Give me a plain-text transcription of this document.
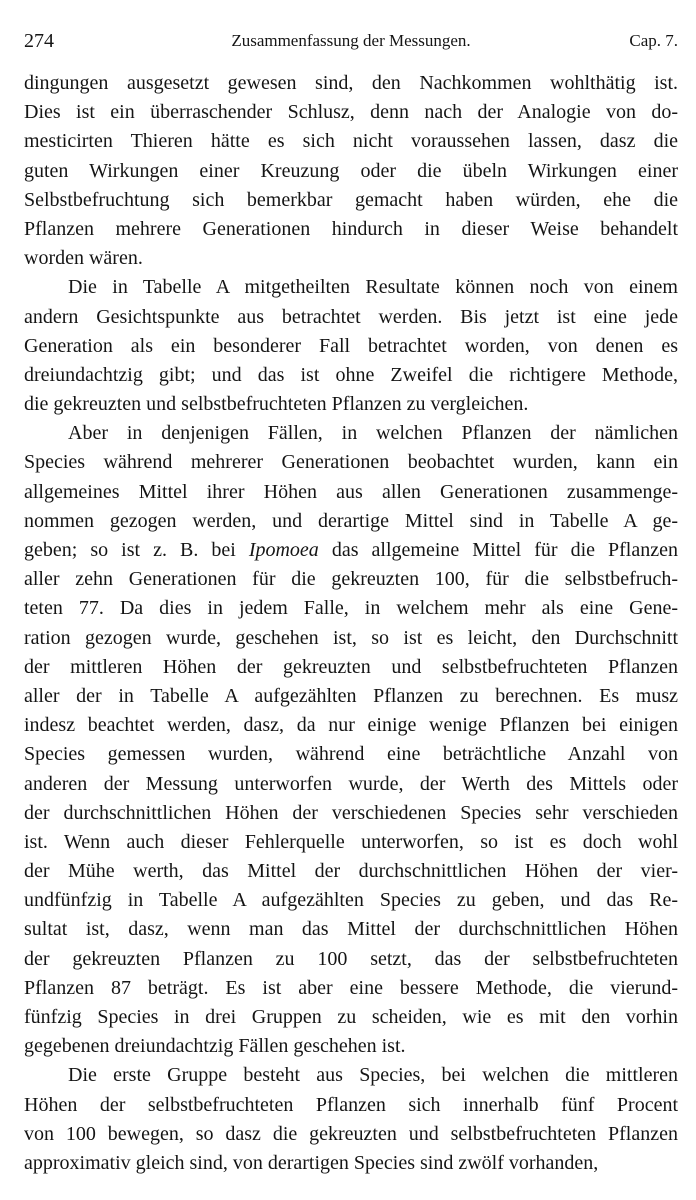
274	Zusammenfassung der Messungen.	Cap. 7.
dingungen ausgesetzt gewesen sind, den Nachkommen wohlthätig ist.
Dies ist ein überraschender Schlusz, denn nach der Analogie von do-
mesticirten Thieren hätte es sich nicht voraussehen lassen, dasz die
guten Wirkungen einer Kreuzung oder die übeln Wirkungen einer
Selbstbefruchtung sich bemerkbar gemacht haben würden, ehe die
Pflanzen mehrere Generationen hindurch in dieser Weise behandelt
worden wären.
Die in Tabelle A mitgetheilten Resultate können noch von einem
andern Gesichtspunkte aus betrachtet werden. Bis jetzt ist eine jede
Generation als ein besonderer Fall betrachtet worden, von denen es
dreiundachtzig gibt; und das ist ohne Zweifel die richtigere Methode,
die gekreuzten und selbstbefruchteten Pflanzen zu vergleichen.
Aber in denjenigen Fällen, in welchen Pflanzen der nämlichen
Species während mehrerer Generationen beobachtet wurden, kann ein
allgemeines Mittel ihrer Höhen aus allen Generationen zusammenge-
nommen gezogen werden, und derartige Mittel sind in Tabelle A ge-
geben; so ist z. B. bei Ipomoea das allgemeine Mittel für die Pflanzen
aller zehn Generationen für die gekreuzten 100, für die selbstbefruch-
teten 77. Da dies in jedem Falle, in welchem mehr als eine Gene-
ration gezogen wurde, geschehen ist, so ist es leicht, den Durchschnitt
der mittleren Höhen der gekreuzten und selbstbefruchteten Pflanzen
aller der in Tabelle A aufgezählten Pflanzen zu berechnen. Es musz
indesz beachtet werden, dasz, da nur einige wenige Pflanzen bei einigen
Species gemessen wurden, während eine beträchtliche Anzahl von
anderen der Messung unterworfen wurde, der Werth des Mittels oder
der durchschnittlichen Höhen der verschiedenen Species sehr verschieden
ist. Wenn auch dieser Fehlerquelle unterworfen, so ist es doch wohl
der Mühe werth, das Mittel der durchschnittlichen Höhen der vier-
undfünfzig in Tabelle A aufgezählten Species zu geben, und das Re-
sultat ist, dasz, wenn man das Mittel der durchschnittlichen Höhen
der gekreuzten Pflanzen zu 100 setzt, das der selbstbefruchteten
Pflanzen 87 beträgt. Es ist aber eine bessere Methode, die vierund-
fünfzig Species in drei Gruppen zu scheiden, wie es mit den vorhin
gegebenen dreiundachtzig Fällen geschehen ist.
Die erste Gruppe besteht aus Species, bei welchen die mittleren
Höhen der selbstbefruchteten Pflanzen sich innerhalb fünf Procent
von 100 bewegen, so dasz die gekreuzten und selbstbefruchteten Pflanzen
approximativ gleich sind, von derartigen Species sind zwölf vorhanden,
